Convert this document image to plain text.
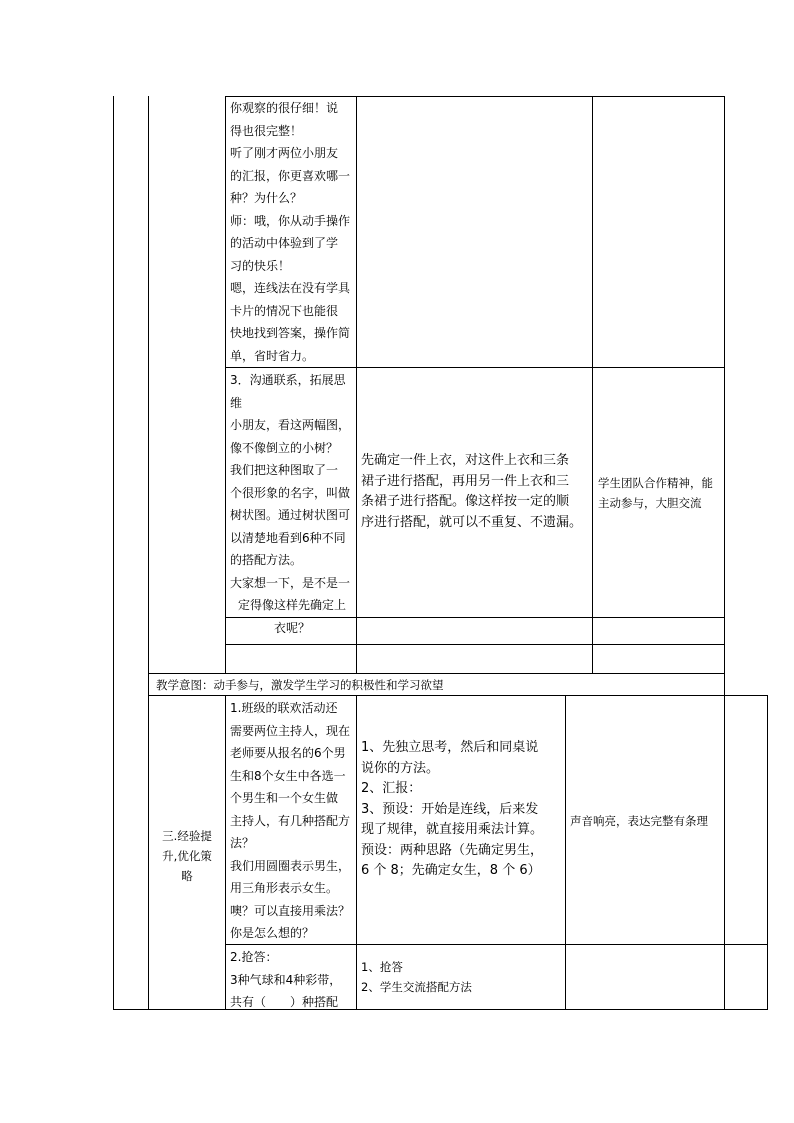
你观察的很仔细！说

得也很完整！

听了刚才两位小朋友

的汇报，你更喜欢哪一

种？为什么？

师：哦，你从动手操作

的活动中体验到了学

习的快乐！

嗯，连线法在没有学具

卡片的情况下也能很

快地找到答案，操作简

单，省时省力。

3．沟通联系，拓展思

维

小朋友，看这两幅图，

像不像倒立的小树？

我们把这种图取了一

个很形象的名字，叫做

树状图。通过树状图可

以清楚地看到6种不同

的搭配方法。

大家想一下，是不是一

定得像这样先确定上

衣呢？

先确定一件上衣，对这件上衣和三条

裙子进行搭配，再用另一件上衣和三

条裙子进行搭配。像这样按一定的顺

序进行搭配，就可以不重复、不遗漏。

学生团队合作精神，能

主动参与，大胆交流

教学意图：动手参与，激发学生学习的积极性和学习欲望

三.经验提

升,优化策

略

1.班级的联欢活动还

需要两位主持人，现在

老师要从报名的6个男

生和8个女生中各选一

个男生和一个女生做

主持人，有几种搭配方

法？

我们用圆圈表示男生，

用三角形表示女生。

噢？可以直接用乘法？

你是怎么想的？

1、先独立思考，然后和同桌说

说你的方法。

2、汇报：

3、预设：开始是连线，后来发

现了规律，就直接用乘法计算。

预设：两种思路（先确定男生，

6 个 8；先确定女生，8 个 6）

声音响亮，表达完整有条理

2.抢答：

3种气球和4种彩带，

共有（　　）种搭配

1、抢答

2、学生交流搭配方法
